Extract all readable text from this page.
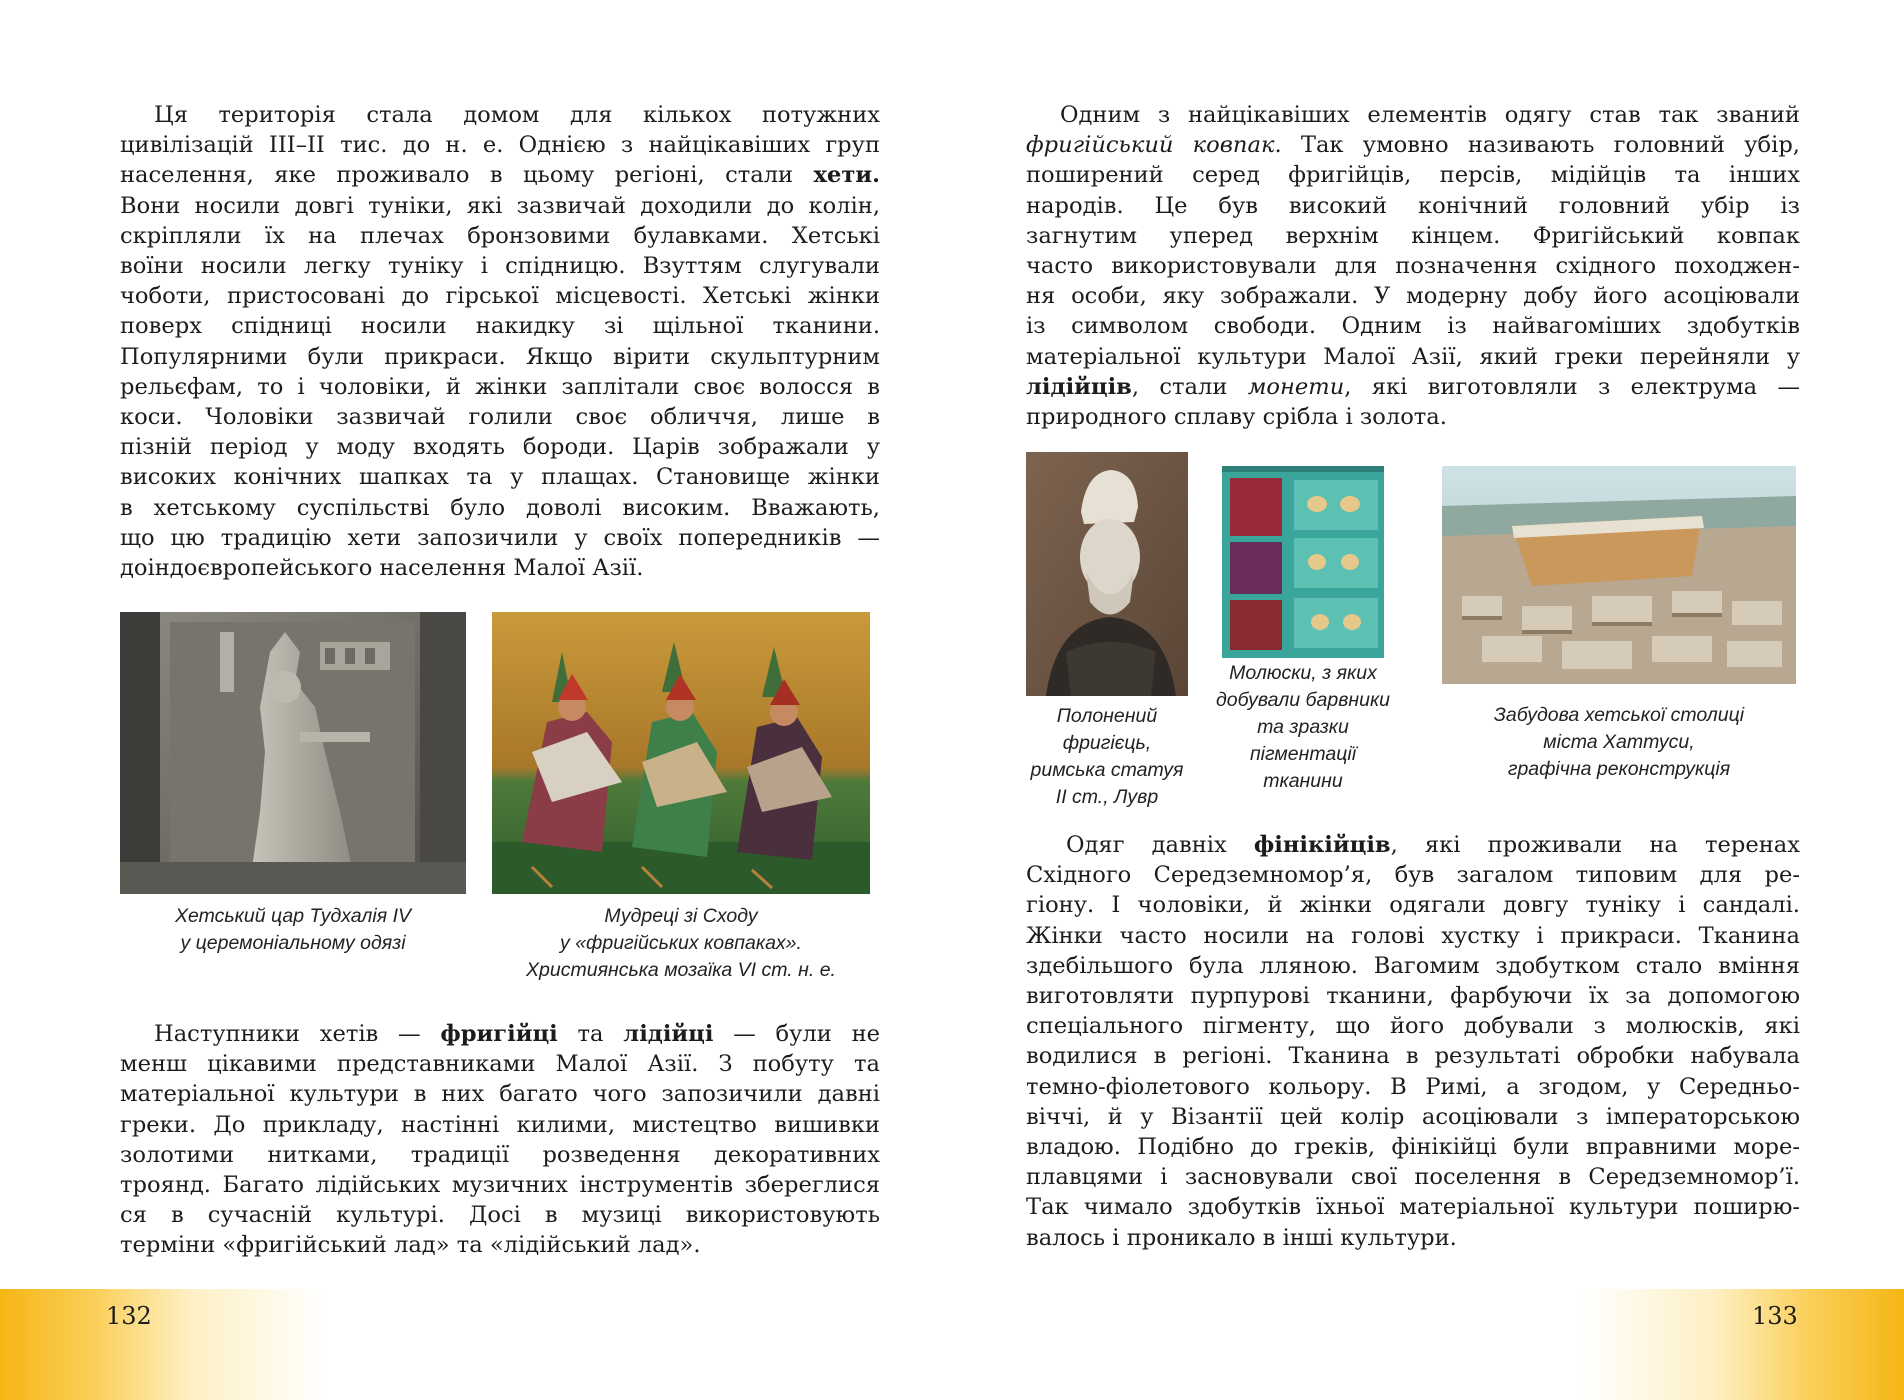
Ця територія стала домом для кількох потужних
цивілізацій ІІІ–ІІ тис. до н. е. Однією з найцікавіших груп
населення, яке проживало в цьому регіоні, стали хети.
Вони носили довгі туніки, які зазвичай доходили до колін,
скріпляли їх на плечах бронзовими булавками. Хетські
воїни носили легку туніку і спідницю. Взуттям слугували
чоботи, пристосовані до гірської місцевості. Хетські жінки
поверх спідниці носили накидку зі щільної тканини.
Популярними були прикраси. Якщо вірити скульптурним
рельєфам, то і чоловіки, й жінки заплітали своє волосся в
коси. Чоловіки зазвичай голили своє обличчя, лише в
пізній період у моду входять бороди. Царів зображали у
високих конічних шапках та у плащах. Становище жінки
в хетському суспільстві було доволі високим. Вважають,
що цю традицію хети запозичили у своїх попередників —
доіндоєвропейського населення Малої Азії.
Хетський цар Тудхалія IV
у церемоніальному одязі
Мудреці зі Сходу
у «фригійських ковпаках».
Християнська мозаїка VI ст. н. е.
Наступники хетів — фригійці та лідійці — були не
менш цікавими представниками Малої Азії. З побуту та
матеріальної культури в них багато чого запозичили давні
греки. До прикладу, настінні килими, мистецтво вишивки
золотими нитками, традиції розведення декоративних
троянд. Багато лідійських музичних інструментів збереглися
ся в сучасній культурі. Досі в музиці використовують
терміни «фригійський лад» та «лідійський лад».
Одним з найцікавіших елементів одягу став так званий
фригійський ковпак. Так умовно називають головний убір,
поширений серед фригійців, персів, мідійців та інших
народів. Це був високий конічний головний убір із
загнутим уперед верхнім кінцем. Фригійський ковпак
часто використовували для позначення східного походжен-
ня особи, яку зображали. У модерну добу його асоціювали
із символом свободи. Одним із найвагоміших здобутків
матеріальної культури Малої Азії, який греки перейняли у
лідійців, стали монети, які виготовляли з електрума —
природного сплаву срібла і золота.
Полонений
фригієць,
римська статуя
II ст., Лувр
Молюски, з яких
добували барвники
та зразки
пігментації
тканини
Забудова хетської столиці
міста Хаттуси,
графічна реконструкція
Одяг давніх фінікійців, які проживали на теренах
Східного Середземномор’я, був загалом типовим для ре-
гіону. І чоловіки, й жінки одягали довгу туніку і сандалі.
Жінки часто носили на голові хустку і прикраси. Тканина
здебільшого була лляною. Вагомим здобутком стало вміння
виготовляти пурпурові тканини, фарбуючи їх за допомогою
спеціального пігменту, що його добували з молюсків, які
водилися в регіоні. Тканина в результаті обробки набувала
темно-фіолетового кольору. В Римі, а згодом, у Середньо-
віччі, й у Візантії цей колір асоціювали з імператорською
владою. Подібно до греків, фінікійці були вправними море-
плавцями і засновували свої поселення в Середземномор’ї.
Так чимало здобутків їхньої матеріальної культури поширю-
валось і проникало в інші культури.
132	133
